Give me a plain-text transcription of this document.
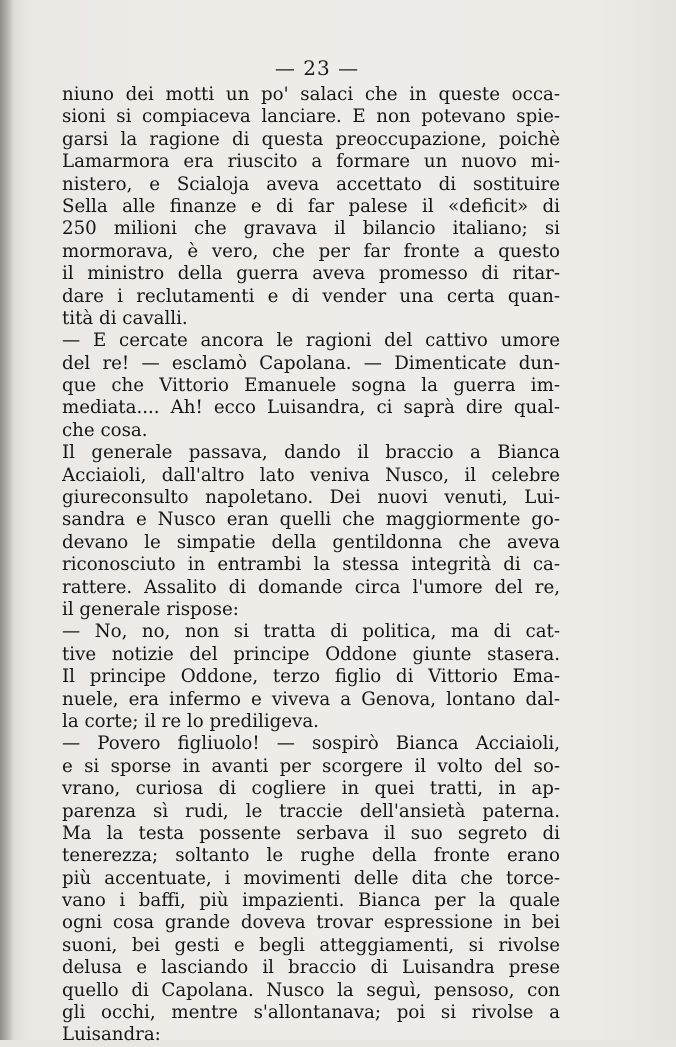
— 23 —
niuno dei motti un po' salaci che in queste occa-
sioni si compiaceva lanciare. E non potevano spie-
garsi la ragione di questa preoccupazione, poichè
Lamarmora era riuscito a formare un nuovo mi-
nistero, e Scialoja aveva accettato di sostituire
Sella alle finanze e di far palese il «deficit» di
250 milioni che gravava il bilancio italiano; si
mormorava, è vero, che per far fronte a questo
il ministro della guerra aveva promesso di ritar-
dare i reclutamenti e di vender una certa quan-
tità di cavalli.
— E cercate ancora le ragioni del cattivo umore
del re! — esclamò Capolana. — Dimenticate dun-
que che Vittorio Emanuele sogna la guerra im-
mediata.... Ah! ecco Luisandra, ci saprà dire qual-
che cosa.
Il generale passava, dando il braccio a Bianca
Acciaioli, dall'altro lato veniva Nusco, il celebre
giureconsulto napoletano. Dei nuovi venuti, Lui-
sandra e Nusco eran quelli che maggiormente go-
devano le simpatie della gentildonna che aveva
riconosciuto in entrambi la stessa integrità di ca-
rattere. Assalito di domande circa l'umore del re,
il generale rispose:
— No, no, non si tratta di politica, ma di cat-
tive notizie del principe Oddone giunte stasera.
Il principe Oddone, terzo figlio di Vittorio Ema-
nuele, era infermo e viveva a Genova, lontano dal-
la corte; il re lo prediligeva.
— Povero figliuolo! — sospirò Bianca Acciaioli,
e si sporse in avanti per scorgere il volto del so-
vrano, curiosa di cogliere in quei tratti, in ap-
parenza sì rudi, le traccie dell'ansietà paterna.
Ma la testa possente serbava il suo segreto di
tenerezza; soltanto le rughe della fronte erano
più accentuate, i movimenti delle dita che torce-
vano i baffi, più impazienti. Bianca per la quale
ogni cosa grande doveva trovar espressione in bei
suoni, bei gesti e begli atteggiamenti, si rivolse
delusa e lasciando il braccio di Luisandra prese
quello di Capolana. Nusco la seguì, pensoso, con
gli occhi, mentre s'allontanava; poi si rivolse a
Luisandra:
